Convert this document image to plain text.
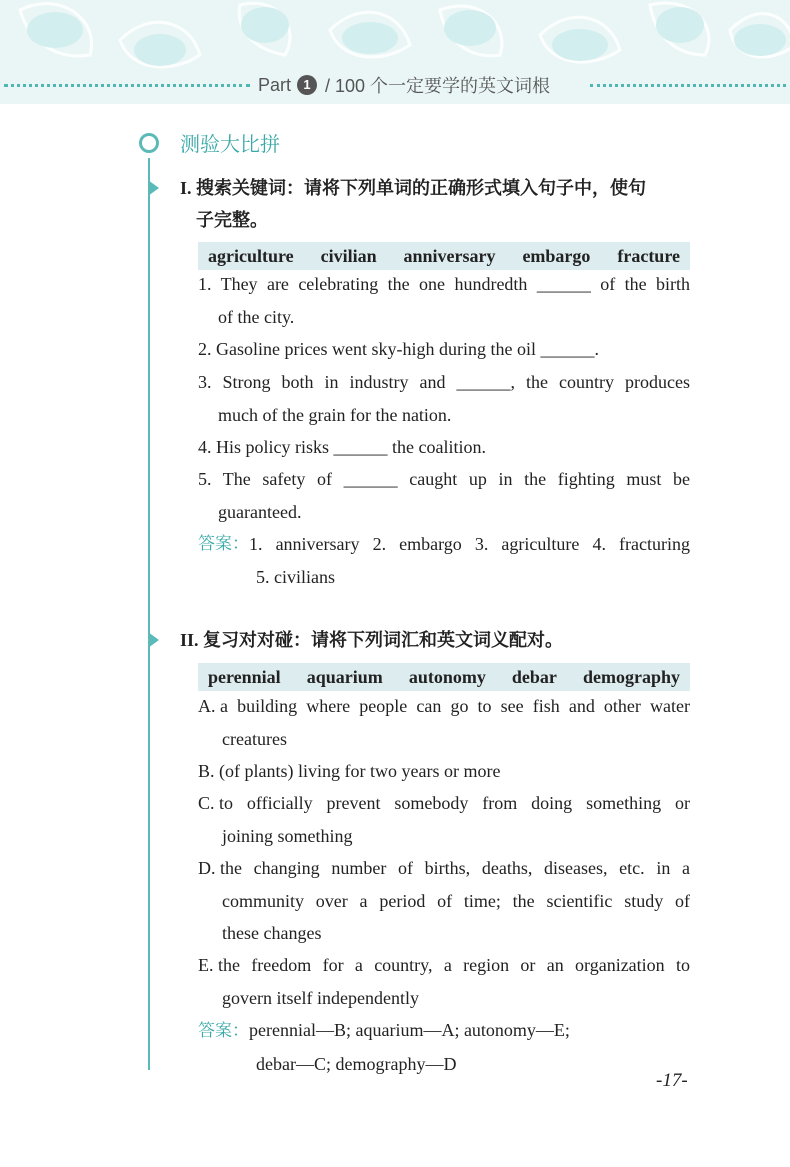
Part 1 / 100 个一定要学的英文词根
测验大比拼
I. 搜索关键词：请将下列单词的正确形式填入句子中，使句
子完整。
agriculture civilian anniversary embargo fracture
1. They are celebrating the one hundredth ______ of the birth
of the city.
2. Gasoline prices went sky-high during the oil ______.
3. Strong both in industry and ______, the country produces
much of the grain for the nation.
4. His policy risks ______ the coalition.
5. The safety of ______ caught up in the fighting must be
guaranteed.
答案： 1. anniversary 2. embargo 3. agriculture 4. fracturing
5. civilians
II. 复习对对碰：请将下列词汇和英文词义配对。
perennial aquarium autonomy debar demography
A.
a building where people can go to see fish and other water
creatures
B. (of plants) living for two years or more
C.
to officially prevent somebody from doing something or
joining something
D.
the changing number of births, deaths, diseases, etc. in a
community over a period of time; the scientific study of
these changes
E.
the freedom for a country, a region or an organization to
govern itself independently
答案：perennial—B; aquarium—A; autonomy—E;
debar—C; demography—D
-17-
